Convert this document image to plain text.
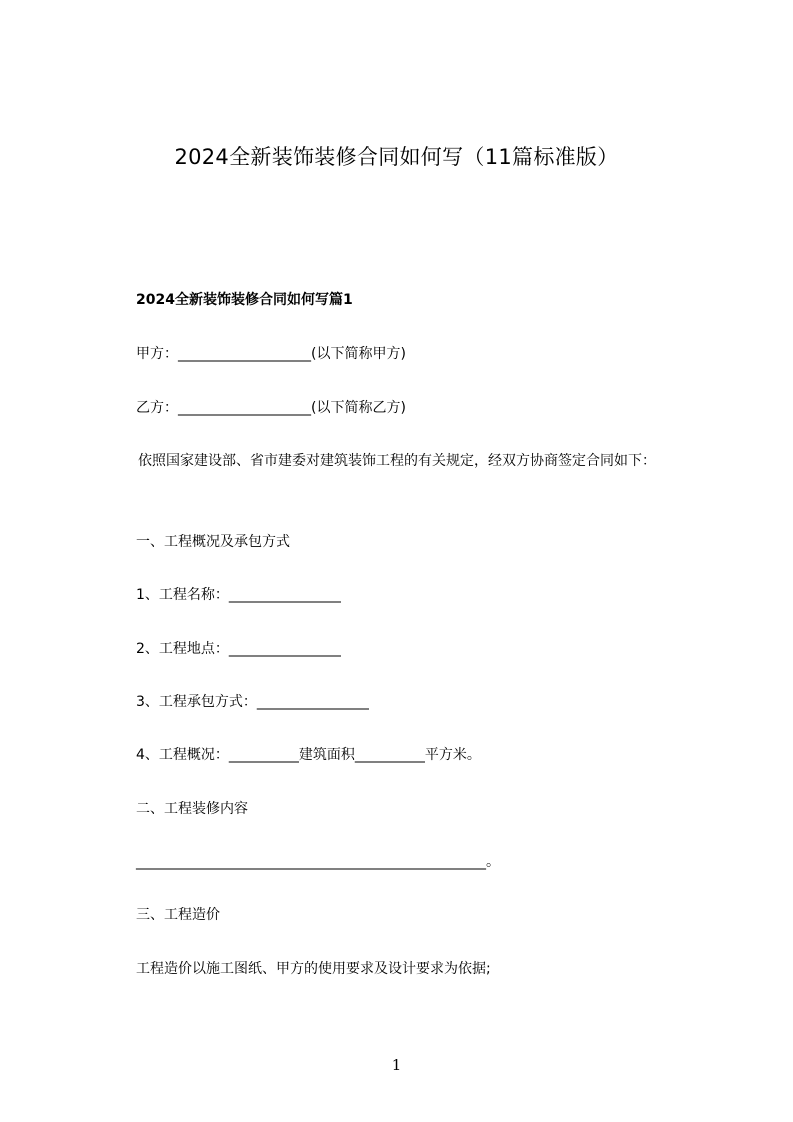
2024全新装饰装修合同如何写（11篇标准版）
2024全新装饰装修合同如何写篇1
甲方：___________________(以下简称甲方)
乙方：___________________(以下简称乙方)
依照国家建设部、省市建委对建筑装饰工程的有关规定，经双方协商签定合同如下：
一、工程概况及承包方式
1、工程名称：________________
2、工程地点：________________
3、工程承包方式：________________
4、工程概况：__________建筑面积__________平方米。
二、工程装修内容
__________________________________________________。
三、工程造价
工程造价以施工图纸、甲方的使用要求及设计要求为依据;
1
